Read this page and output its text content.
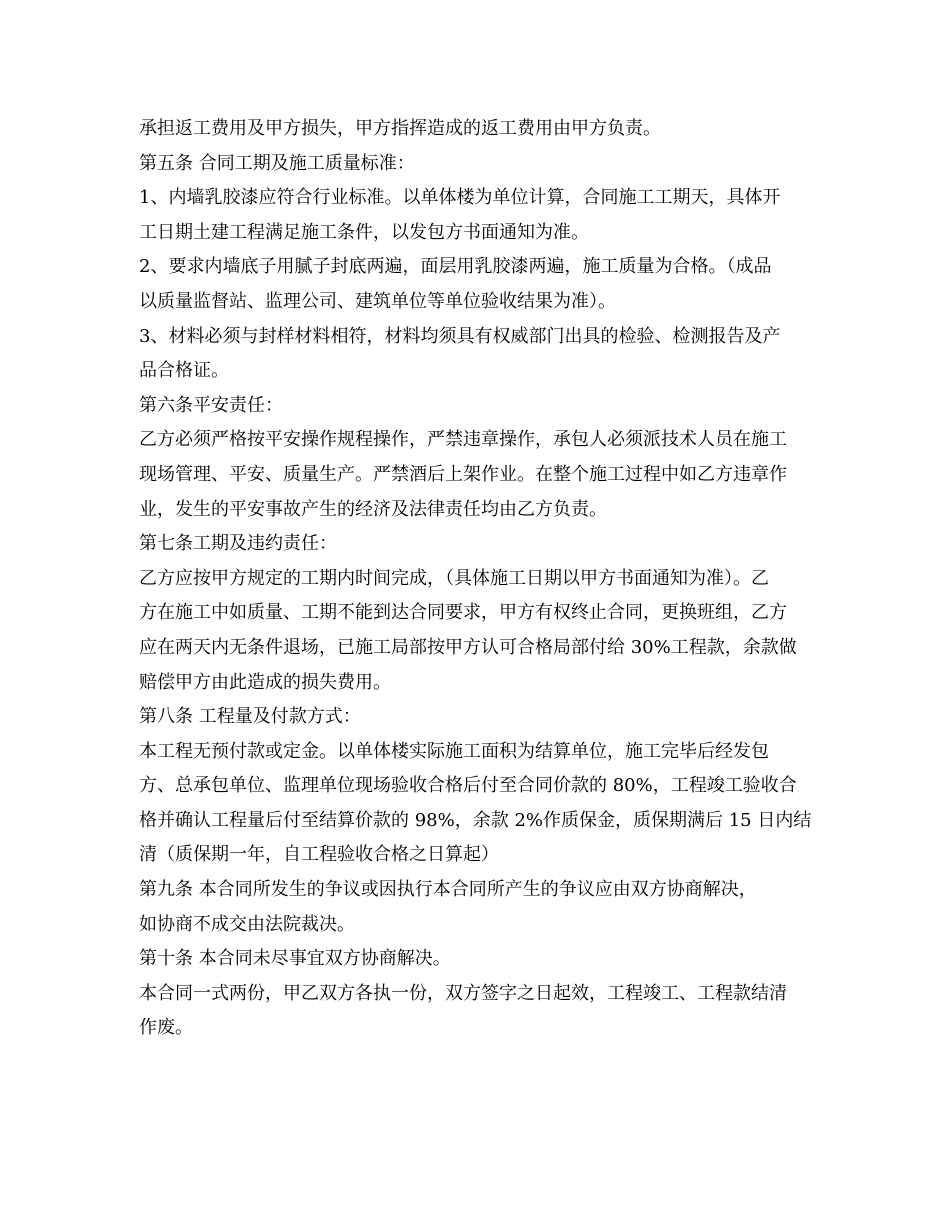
承担返工费用及甲方损失，甲方指挥造成的返工费用由甲方负责。

第五条 合同工期及施工质量标准：

1、内墙乳胶漆应符合行业标准。以单体楼为单位计算，合同施工工期天，具体开

工日期土建工程满足施工条件，以发包方书面通知为准。

2、要求内墙底子用腻子封底两遍，面层用乳胶漆两遍，施工质量为合格。（成品

以质量监督站、监理公司、建筑单位等单位验收结果为准）。

3、材料必须与封样材料相符，材料均须具有权威部门出具的检验、检测报告及产

品合格证。

第六条平安责任：

乙方必须严格按平安操作规程操作，严禁违章操作，承包人必须派技术人员在施工

现场管理、平安、质量生产。严禁酒后上架作业。在整个施工过程中如乙方违章作

业，发生的平安事故产生的经济及法律责任均由乙方负责。

第七条工期及违约责任：

乙方应按甲方规定的工期内时间完成，（具体施工日期以甲方书面通知为准）。乙

方在施工中如质量、工期不能到达合同要求，甲方有权终止合同，更换班组，乙方

应在两天内无条件退场，已施工局部按甲方认可合格局部付给 30%工程款，余款做

赔偿甲方由此造成的损失费用。

第八条 工程量及付款方式：

本工程无预付款或定金。以单体楼实际施工面积为结算单位，施工完毕后经发包

方、总承包单位、监理单位现场验收合格后付至合同价款的 80%，工程竣工验收合

格并确认工程量后付至结算价款的 98%，余款 2%作质保金，质保期满后 15 日内结

清（质保期一年，自工程验收合格之日算起）

第九条 本合同所发生的争议或因执行本合同所产生的争议应由双方协商解决，

如协商不成交由法院裁决。

第十条 本合同未尽事宜双方协商解决。

本合同一式两份，甲乙双方各执一份，双方签字之日起效，工程竣工、工程款结清

作废。
